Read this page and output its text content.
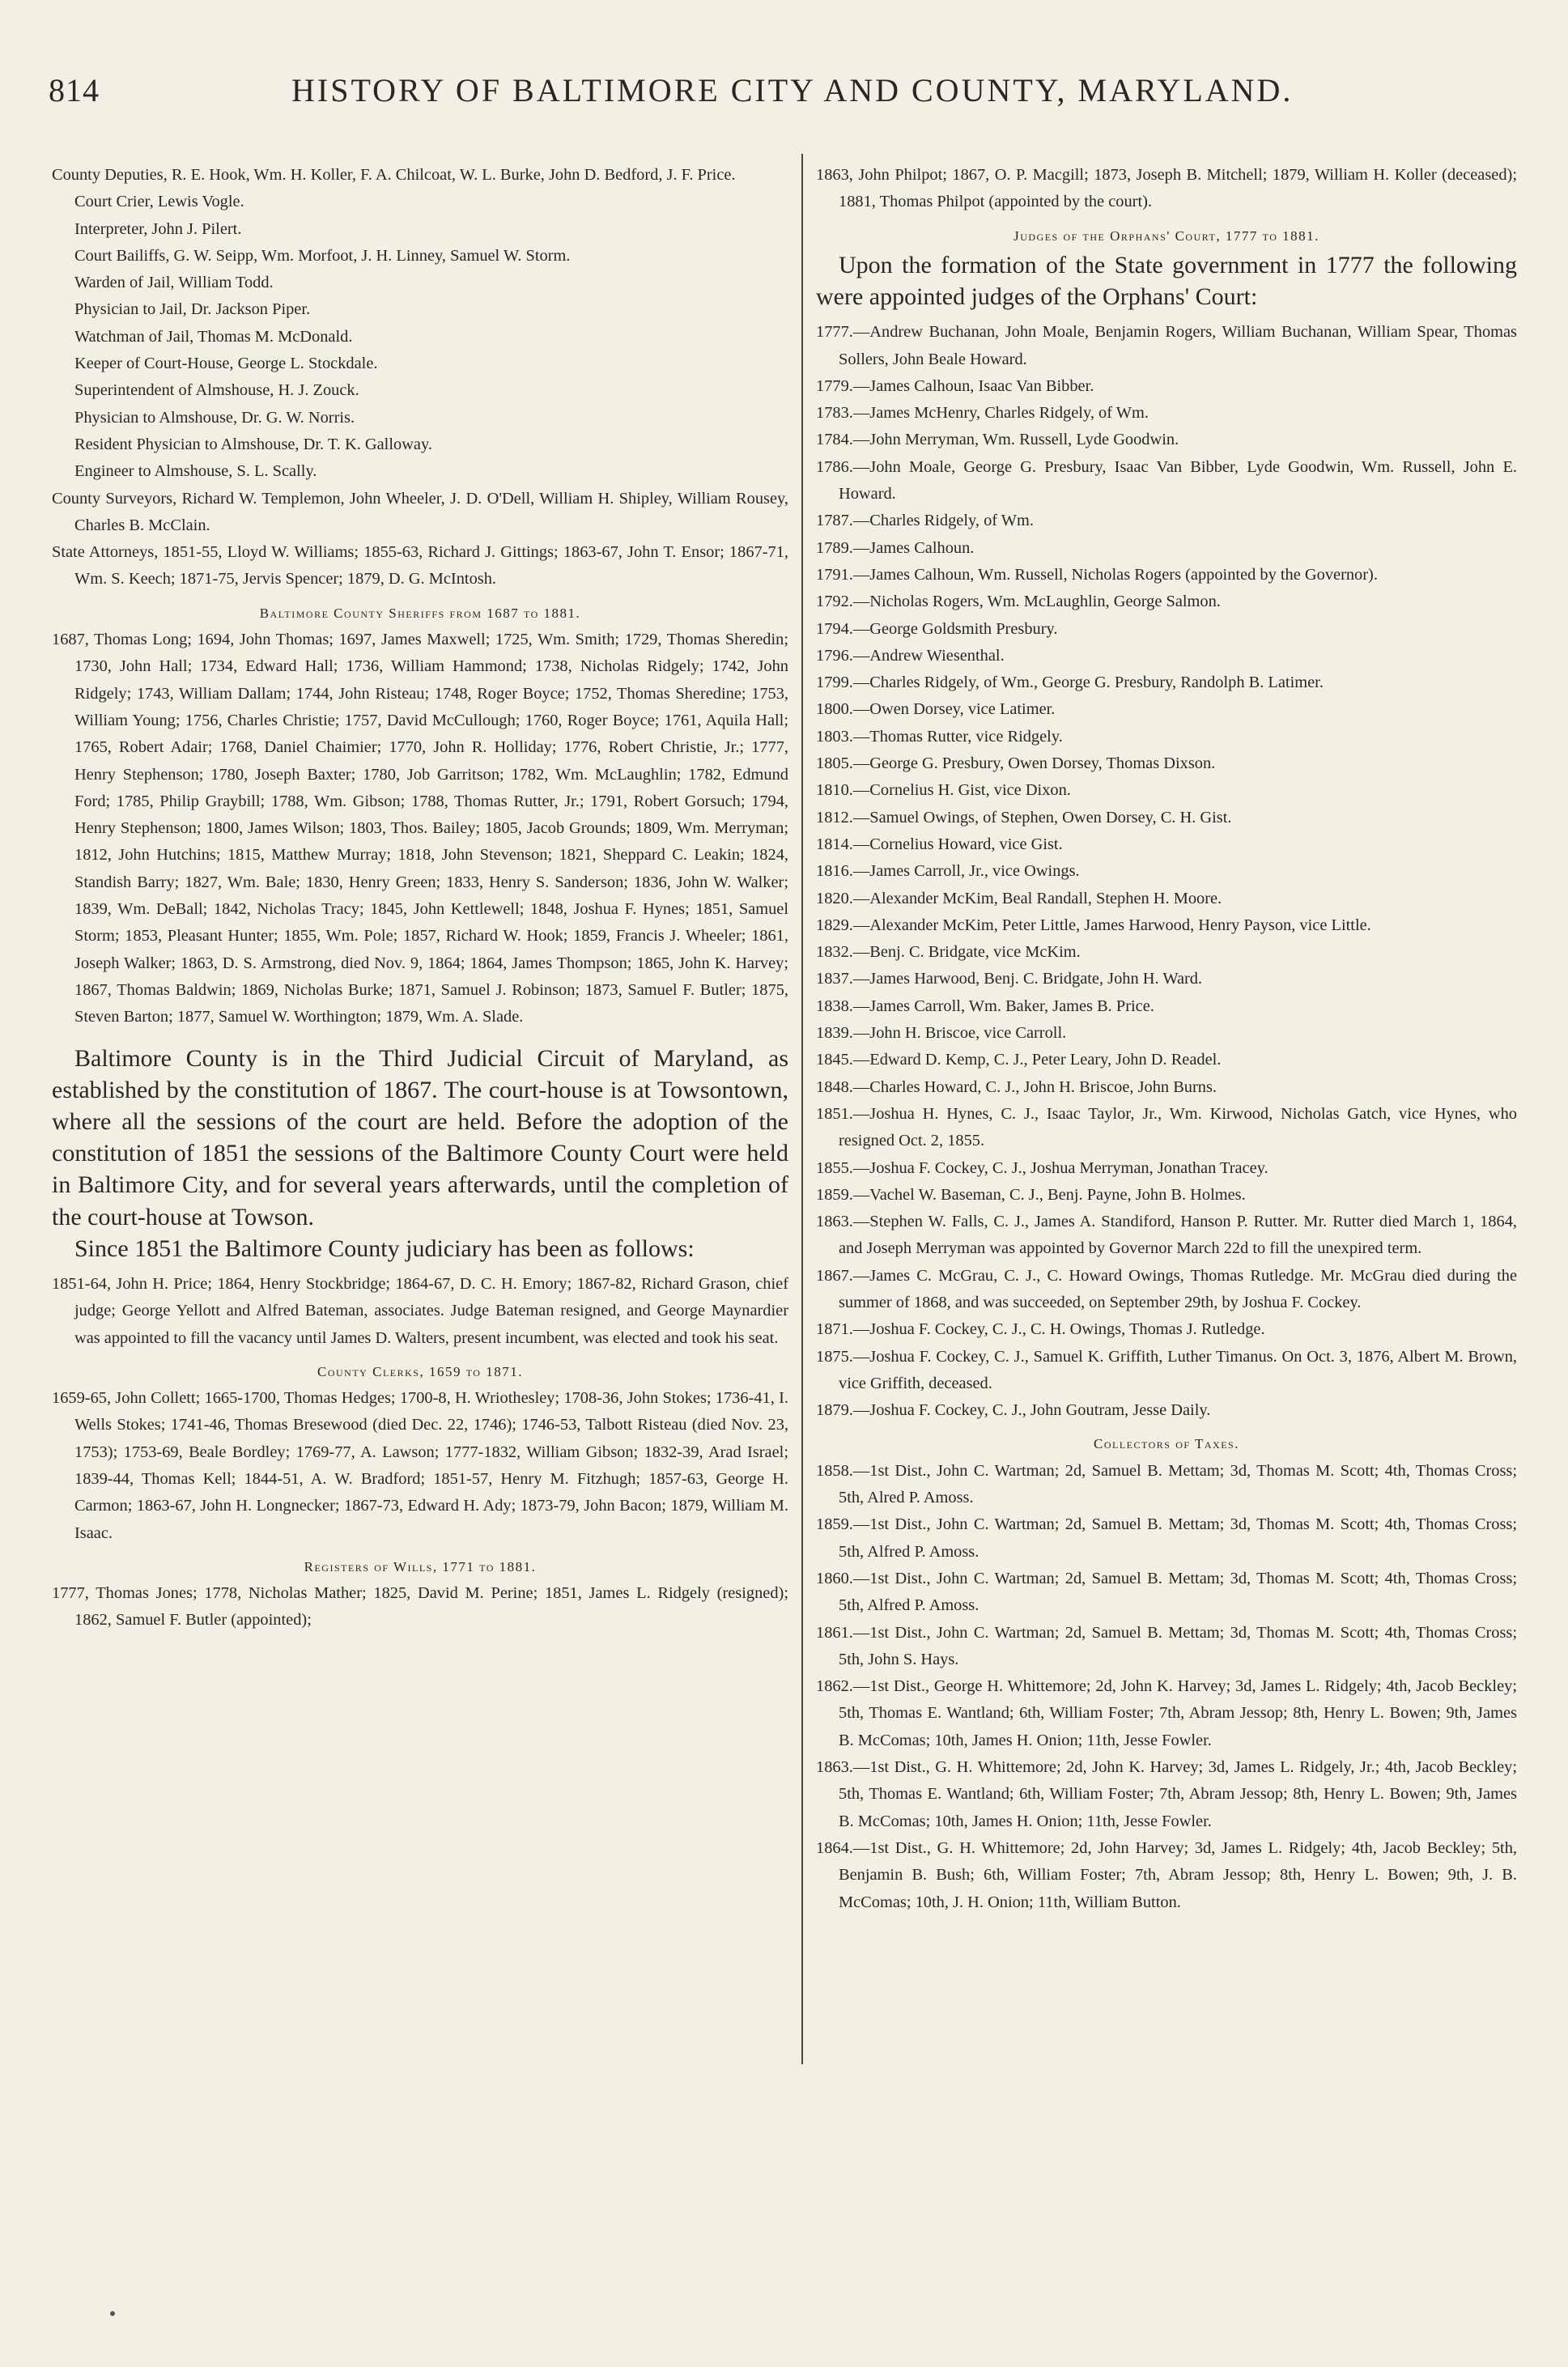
814	HISTORY OF BALTIMORE CITY AND COUNTY, MARYLAND.

County Deputies, R. E. Hook, Wm. H. Koller, F. A. Chilcoat, W. L. Burke, John D. Bedford, J. F. Price.

Court Crier, Lewis Vogle.

Interpreter, John J. Pilert.

Court Bailiffs, G. W. Seipp, Wm. Morfoot, J. H. Linney, Samuel W. Storm.

Warden of Jail, William Todd.

Physician to Jail, Dr. Jackson Piper.

Watchman of Jail, Thomas M. McDonald.

Keeper of Court-House, George L. Stockdale.

Superintendent of Almshouse, H. J. Zouck.

Physician to Almshouse, Dr. G. W. Norris.

Resident Physician to Almshouse, Dr. T. K. Galloway.

Engineer to Almshouse, S. L. Scally.

County Surveyors, Richard W. Templemon, John Wheeler, J. D. O'Dell, William H. Shipley, William Rousey, Charles B. McClain.

State Attorneys, 1851-55, Lloyd W. Williams; 1855-63, Richard J. Gittings; 1863-67, John T. Ensor; 1867-71, Wm. S. Keech; 1871-75, Jervis Spencer; 1879, D. G. McIntosh.

Baltimore County Sheriffs from 1687 to 1881.

1687, Thomas Long; 1694, John Thomas; 1697, James Maxwell; 1725, Wm. Smith; 1729, Thomas Sheredin; 1730, John Hall; 1734, Edward Hall; 1736, William Hammond; 1738, Nicholas Ridgely; 1742, John Ridgely; 1743, William Dallam; 1744, John Risteau; 1748, Roger Boyce; 1752, Thomas Sheredine; 1753, William Young; 1756, Charles Christie; 1757, David McCullough; 1760, Roger Boyce; 1761, Aquila Hall; 1765, Robert Adair; 1768, Daniel Chaimier; 1770, John R. Holliday; 1776, Robert Christie, Jr.; 1777, Henry Stephenson; 1780, Joseph Baxter; 1780, Job Garritson; 1782, Wm. McLaughlin; 1782, Edmund Ford; 1785, Philip Graybill; 1788, Wm. Gibson; 1788, Thomas Rutter, Jr.; 1791, Robert Gorsuch; 1794, Henry Stephenson; 1800, James Wilson; 1803, Thos. Bailey; 1805, Jacob Grounds; 1809, Wm. Merryman; 1812, John Hutchins; 1815, Matthew Murray; 1818, John Stevenson; 1821, Sheppard C. Leakin; 1824, Standish Barry; 1827, Wm. Bale; 1830, Henry Green; 1833, Henry S. Sanderson; 1836, John W. Walker; 1839, Wm. DeBall; 1842, Nicholas Tracy; 1845, John Kettlewell; 1848, Joshua F. Hynes; 1851, Samuel Storm; 1853, Pleasant Hunter; 1855, Wm. Pole; 1857, Richard W. Hook; 1859, Francis J. Wheeler; 1861, Joseph Walker; 1863, D. S. Armstrong, died Nov. 9, 1864; 1864, James Thompson; 1865, John K. Harvey; 1867, Thomas Baldwin; 1869, Nicholas Burke; 1871, Samuel J. Robinson; 1873, Samuel F. Butler; 1875, Steven Barton; 1877, Samuel W. Worthington; 1879, Wm. A. Slade.

Baltimore County is in the Third Judicial Circuit of Maryland, as established by the constitution of 1867. The court-house is at Towsontown, where all the sessions of the court are held. Before the adoption of the constitution of 1851 the sessions of the Baltimore County Court were held in Baltimore City, and for several years afterwards, until the completion of the court-house at Towson.

Since 1851 the Baltimore County judiciary has been as follows:

1851-64, John H. Price; 1864, Henry Stockbridge; 1864-67, D. C. H. Emory; 1867-82, Richard Grason, chief judge; George Yellott and Alfred Bateman, associates. Judge Bateman resigned, and George Maynardier was appointed to fill the vacancy until James D. Walters, present incumbent, was elected and took his seat.

County Clerks, 1659 to 1871.

1659-65, John Collett; 1665-1700, Thomas Hedges; 1700-8, H. Wriothesley; 1708-36, John Stokes; 1736-41, I. Wells Stokes; 1741-46, Thomas Bresewood (died Dec. 22, 1746); 1746-53, Talbott Risteau (died Nov. 23, 1753); 1753-69, Beale Bordley; 1769-77, A. Lawson; 1777-1832, William Gibson; 1832-39, Arad Israel; 1839-44, Thomas Kell; 1844-51, A. W. Bradford; 1851-57, Henry M. Fitzhugh; 1857-63, George H. Carmon; 1863-67, John H. Longnecker; 1867-73, Edward H. Ady; 1873-79, John Bacon; 1879, William M. Isaac.

Registers of Wills, 1771 to 1881.

1777, Thomas Jones; 1778, Nicholas Mather; 1825, David M. Perine; 1851, James L. Ridgely (resigned); 1862, Samuel F. Butler (appointed);

1863, John Philpot; 1867, O. P. Macgill; 1873, Joseph B. Mitchell; 1879, William H. Koller (deceased); 1881, Thomas Philpot (appointed by the court).

Judges of the Orphans' Court, 1777 to 1881.

Upon the formation of the State government in 1777 the following were appointed judges of the Orphans' Court:

1777.—Andrew Buchanan, John Moale, Benjamin Rogers, William Buchanan, William Spear, Thomas Sollers, John Beale Howard.

1779.—James Calhoun, Isaac Van Bibber.

1783.—James McHenry, Charles Ridgely, of Wm.

1784.—John Merryman, Wm. Russell, Lyde Goodwin.

1786.—John Moale, George G. Presbury, Isaac Van Bibber, Lyde Goodwin, Wm. Russell, John E. Howard.

1787.—Charles Ridgely, of Wm.

1789.—James Calhoun.

1791.—James Calhoun, Wm. Russell, Nicholas Rogers (appointed by the Governor).

1792.—Nicholas Rogers, Wm. McLaughlin, George Salmon.

1794.—George Goldsmith Presbury.

1796.—Andrew Wiesenthal.

1799.—Charles Ridgely, of Wm., George G. Presbury, Randolph B. Latimer.

1800.—Owen Dorsey, vice Latimer.

1803.—Thomas Rutter, vice Ridgely.

1805.—George G. Presbury, Owen Dorsey, Thomas Dixson.

1810.—Cornelius H. Gist, vice Dixon.

1812.—Samuel Owings, of Stephen, Owen Dorsey, C. H. Gist.

1814.—Cornelius Howard, vice Gist.

1816.—James Carroll, Jr., vice Owings.

1820.—Alexander McKim, Beal Randall, Stephen H. Moore.

1829.—Alexander McKim, Peter Little, James Harwood, Henry Payson, vice Little.

1832.—Benj. C. Bridgate, vice McKim.

1837.—James Harwood, Benj. C. Bridgate, John H. Ward.

1838.—James Carroll, Wm. Baker, James B. Price.

1839.—John H. Briscoe, vice Carroll.

1845.—Edward D. Kemp, C. J., Peter Leary, John D. Readel.

1848.—Charles Howard, C. J., John H. Briscoe, John Burns.

1851.—Joshua H. Hynes, C. J., Isaac Taylor, Jr., Wm. Kirwood, Nicholas Gatch, vice Hynes, who resigned Oct. 2, 1855.

1855.—Joshua F. Cockey, C. J., Joshua Merryman, Jonathan Tracey.

1859.—Vachel W. Baseman, C. J., Benj. Payne, John B. Holmes.

1863.—Stephen W. Falls, C. J., James A. Standiford, Hanson P. Rutter. Mr. Rutter died March 1, 1864, and Joseph Merryman was appointed by Governor March 22d to fill the unexpired term.

1867.—James C. McGrau, C. J., C. Howard Owings, Thomas Rutledge. Mr. McGrau died during the summer of 1868, and was succeeded, on September 29th, by Joshua F. Cockey.

1871.—Joshua F. Cockey, C. J., C. H. Owings, Thomas J. Rutledge.

1875.—Joshua F. Cockey, C. J., Samuel K. Griffith, Luther Timanus. On Oct. 3, 1876, Albert M. Brown, vice Griffith, deceased.

1879.—Joshua F. Cockey, C. J., John Goutram, Jesse Daily.

Collectors of Taxes.

1858.—1st Dist., John C. Wartman; 2d, Samuel B. Mettam; 3d, Thomas M. Scott; 4th, Thomas Cross; 5th, Alred P. Amoss.

1859.—1st Dist., John C. Wartman; 2d, Samuel B. Mettam; 3d, Thomas M. Scott; 4th, Thomas Cross; 5th, Alfred P. Amoss.

1860.—1st Dist., John C. Wartman; 2d, Samuel B. Mettam; 3d, Thomas M. Scott; 4th, Thomas Cross; 5th, Alfred P. Amoss.

1861.—1st Dist., John C. Wartman; 2d, Samuel B. Mettam; 3d, Thomas M. Scott; 4th, Thomas Cross; 5th, John S. Hays.

1862.—1st Dist., George H. Whittemore; 2d, John K. Harvey; 3d, James L. Ridgely; 4th, Jacob Beckley; 5th, Thomas E. Wantland; 6th, William Foster; 7th, Abram Jessop; 8th, Henry L. Bowen; 9th, James B. McComas; 10th, James H. Onion; 11th, Jesse Fowler.

1863.—1st Dist., G. H. Whittemore; 2d, John K. Harvey; 3d, James L. Ridgely, Jr.; 4th, Jacob Beckley; 5th, Thomas E. Wantland; 6th, William Foster; 7th, Abram Jessop; 8th, Henry L. Bowen; 9th, James B. McComas; 10th, James H. Onion; 11th, Jesse Fowler.

1864.—1st Dist., G. H. Whittemore; 2d, John Harvey; 3d, James L. Ridgely; 4th, Jacob Beckley; 5th, Benjamin B. Bush; 6th, William Foster; 7th, Abram Jessop; 8th, Henry L. Bowen; 9th, J. B. McComas; 10th, J. H. Onion; 11th, William Button.
